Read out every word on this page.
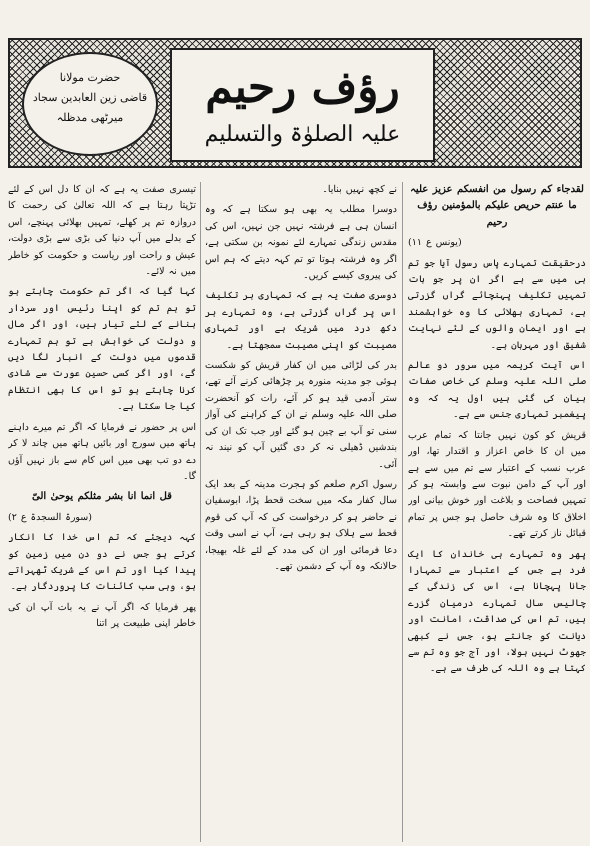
رؤف رحیم
علیہ الصلوٰۃ والتسلیم
حضرت مولانا
قاضی زین العابدین سجاد
میرٹھی مدظلہ

لقدجاء کم رسول من انفسکم عزیز علیہ ما عنتم حریص علیکم بالمؤمنین رؤف رحیم

(یونس ع ۱۱)

درحقیقت تمہارے پاس رسول آیا جو تم ہی میں سے ہے اگر ان پر جو بات تمہیں تکلیف پہنچائے گراں گزرتی ہے، تمہاری بھلائی کا وہ خواہشمند ہے اور ایمان والوں کے لئے نہایت شفیق اور مہربان ہے۔

اس آیت کریمہ میں سرور دو عالم صلی اللہ علیہ وسلم کی خاص صفات بیان کی گئی ہیں اول یہ کہ وہ پیغمبر تمہاری جنس سے ہے۔

قریش کو کون نہیں جانتا کہ تمام عرب میں ان کا خاص اعزاز و اقتدار تھا، اور عرب نسب کے اعتبار سے تم میں سے ہے اور آپ کے دامن نبوت سے وابستہ ہو کر تمہیں فصاحت و بلاغت اور خوش بیانی اور اخلاق کا وہ شرف حاصل ہو جس پر تمام قبائل ناز کرتے تھے۔

پھر وہ تمہارے ہی خاندان کا ایک فرد ہے جس کے اعتبار سے تمہارا جانا پہچانا ہے، اس کی زندگی کے چالیس سال تمہارے درمیان گزرے ہیں، تم اس کی صداقت، امانت اور دیانت کو جانتے ہو، جس نے کبھی جھوٹ نہیں بولا، اور آج جو وہ تم سے کہتا ہے وہ اللہ کی طرف سے ہے۔

نے کچھ نہیں بنایا۔

دوسرا مطلب یہ بھی ہو سکتا ہے کہ وہ انسان ہی ہے فرشتہ نہیں جن نہیں، اس کی مقدس زندگی تمہارے لئے نمونہ بن سکتی ہے، اگر وہ فرشتہ ہوتا تو تم کہہ دیتے کہ ہم اس کی پیروی کیسے کریں۔

دوسری صفت یہ ہے کہ تمہاری ہر تکلیف اس پر گراں گزرتی ہے، وہ تمہارے ہر دکھ درد میں شریک ہے اور تمہاری مصیبت کو اپنی مصیبت سمجھتا ہے۔

بدر کی لڑائی میں ان کفار قریش کو شکست ہوئی جو مدینہ منورہ پر چڑھائی کرنے آئے تھے، ستر آدمی قید ہو کر آئے، رات کو آنحضرت صلی اللہ علیہ وسلم نے ان کے کراہنے کی آواز سنی تو آپ بے چین ہو گئے اور جب تک ان کی بندشیں ڈھیلی نہ کر دی گئیں آپ کو نیند نہ آئی۔

رسول اکرم صلعم کو ہجرت مدینہ کے بعد ایک سال کفار مکہ میں سخت قحط پڑا، ابوسفیان نے حاضر ہو کر درخواست کی کہ آپ کی قوم قحط سے ہلاک ہو رہی ہے، آپ نے اسی وقت دعا فرمائی اور ان کی مدد کے لئے غلہ بھیجا، حالانکہ وہ آپ کے دشمن تھے۔

تیسری صفت یہ ہے کہ ان کا دل اس کے لئے تڑپتا رہتا ہے کہ اللہ تعالیٰ کی رحمت کا دروازہ تم پر کھلے، تمہیں بھلائی پہنچے، اس کے بدلے میں آپ دنیا کی بڑی سے بڑی دولت، عیش و راحت اور ریاست و حکومت کو خاطر میں نہ لائے۔

کہا گیا کہ اگر تم حکومت چاہتے ہو تو ہم تم کو اپنا رئیس اور سردار بنانے کے لئے تیار ہیں، اور اگر مال و دولت کی خواہش ہے تو ہم تمہارے قدموں میں دولت کے انبار لگا دیں گے، اور اگر کسی حسین عورت سے شادی کرنا چاہتے ہو تو اس کا بھی انتظام کیا جا سکتا ہے۔

اس پر حضور نے فرمایا کہ اگر تم میرے داہنے ہاتھ میں سورج اور بائیں ہاتھ میں چاند لا کر دے دو تب بھی میں اس کام سے باز نہیں آؤں گا۔

قل انما انا بشر مثلکم یوحیٰ الیّ

(سورۃ السجدۃ ع ۲)

کہہ دیجئے کہ تم اس خدا کا انکار کرتے ہو جس نے دو دن میں زمین کو پیدا کیا اور تم اس کے شریک ٹھہراتے ہو، وہی سب کائنات کا پروردگار ہے۔

پھر فرمایا کہ اگر آپ نے یہ بات آپ ان کی خاطر اپنی طبیعت پر اتنا
